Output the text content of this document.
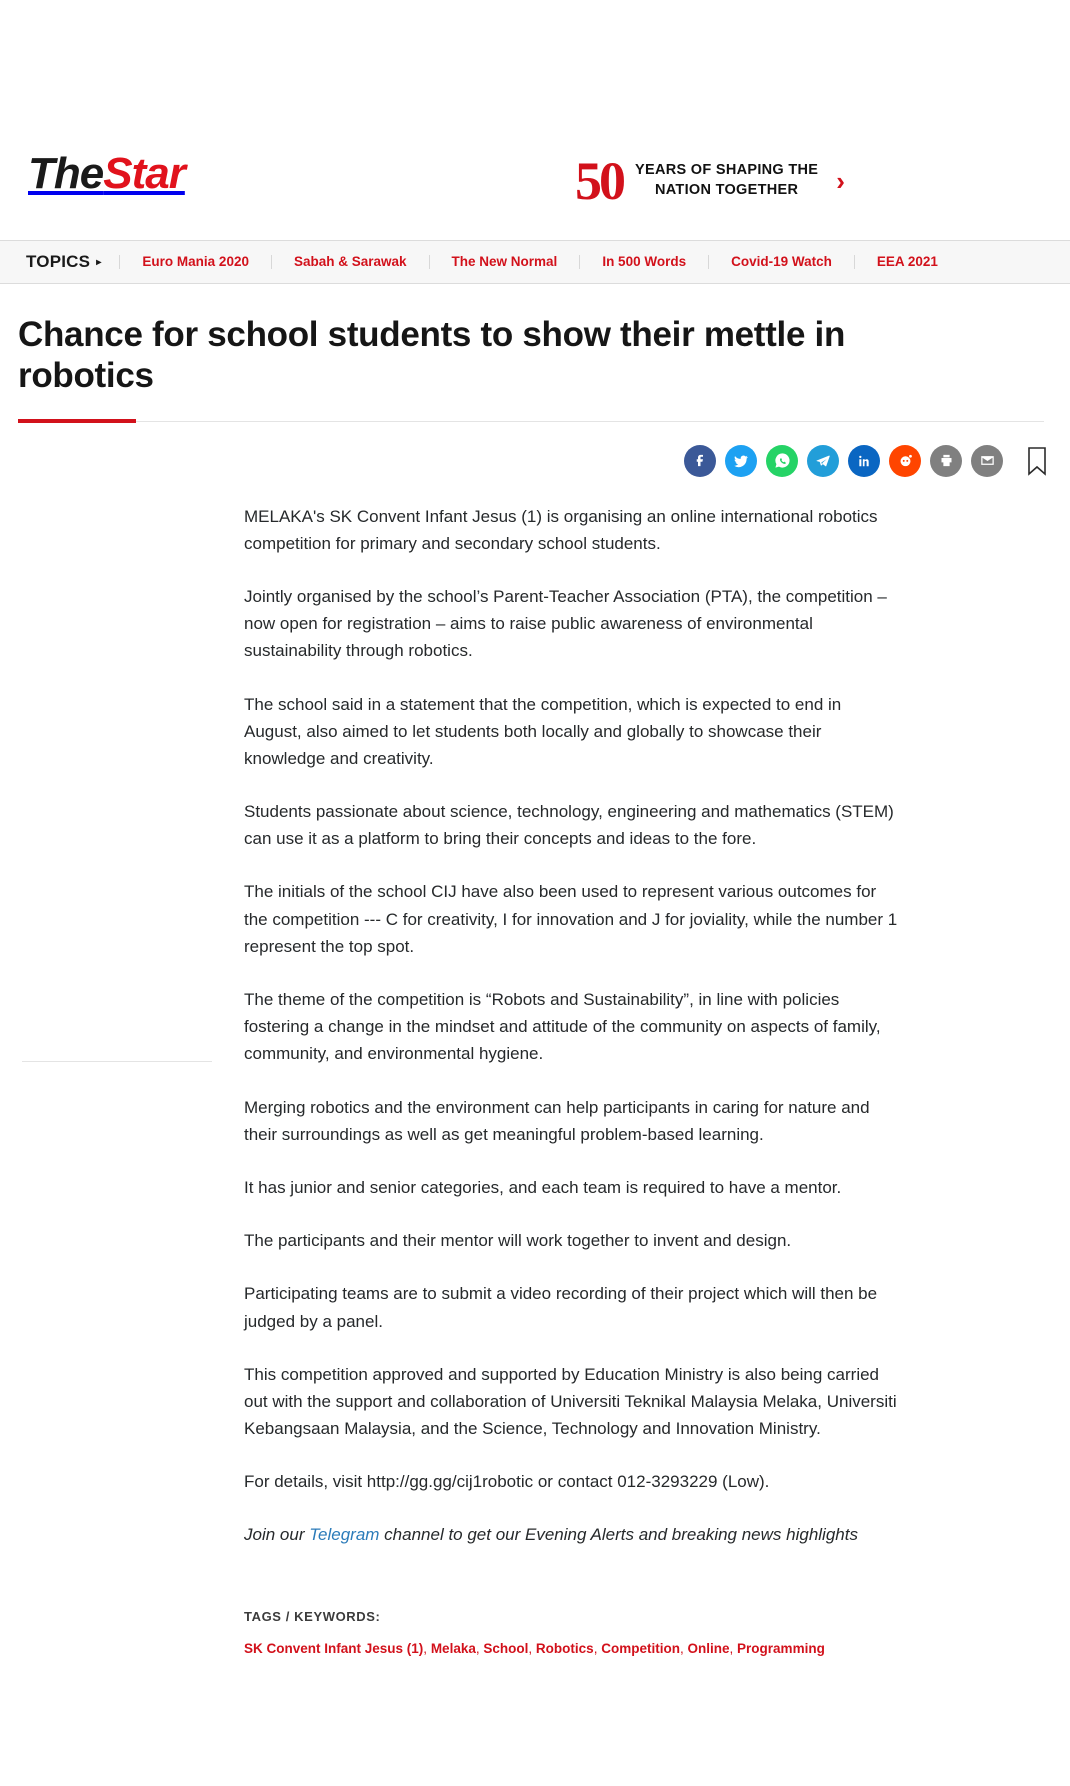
TheStar	50 YEARS OF SHAPING THE
NATION TOGETHER	›
TOPICS ▸	Euro Mania 2020	Sabah & Sarawak	The New Normal	In 500 Words	Covid-19 Watch	EEA 2021
Chance for school students to show their mettle in robotics

MELAKA's SK Convent Infant Jesus (1) is organising an online international robotics competition for primary and secondary school students.

Jointly organised by the school’s Parent-Teacher Association (PTA), the competition – now open for registration – aims to raise public awareness of environmental sustainability through robotics.

The school said in a statement that the competition, which is expected to end in August, also aimed to let students both locally and globally to showcase their knowledge and creativity.

Students passionate about science, technology, engineering and mathematics (STEM) can use it as a platform to bring their concepts and ideas to the fore.

The initials of the school CIJ have also been used to represent various outcomes for the competition --- C for creativity, I for innovation and J for joviality, while the number 1 represent the top spot.

The theme of the competition is “Robots and Sustainability”, in line with policies fostering a change in the mindset and attitude of the community on aspects of family, community, and environmental hygiene.

Merging robotics and the environment can help participants in caring for nature and their surroundings as well as get meaningful problem-based learning.

It has junior and senior categories, and each team is required to have a mentor.

The participants and their mentor will work together to invent and design.

Participating teams are to submit a video recording of their project which will then be judged by a panel.

This competition approved and supported by Education Ministry is also being carried out with the support and collaboration of Universiti Teknikal Malaysia Melaka, Universiti Kebangsaan Malaysia, and the Science, Technology and Innovation Ministry.

For details, visit http://gg.gg/cij1robotic or contact 012-3293229 (Low).

Join our Telegram channel to get our Evening Alerts and breaking news highlights

TAGS / KEYWORDS:
SK Convent Infant Jesus (1), Melaka, School, Robotics, Competition, Online, Programming
